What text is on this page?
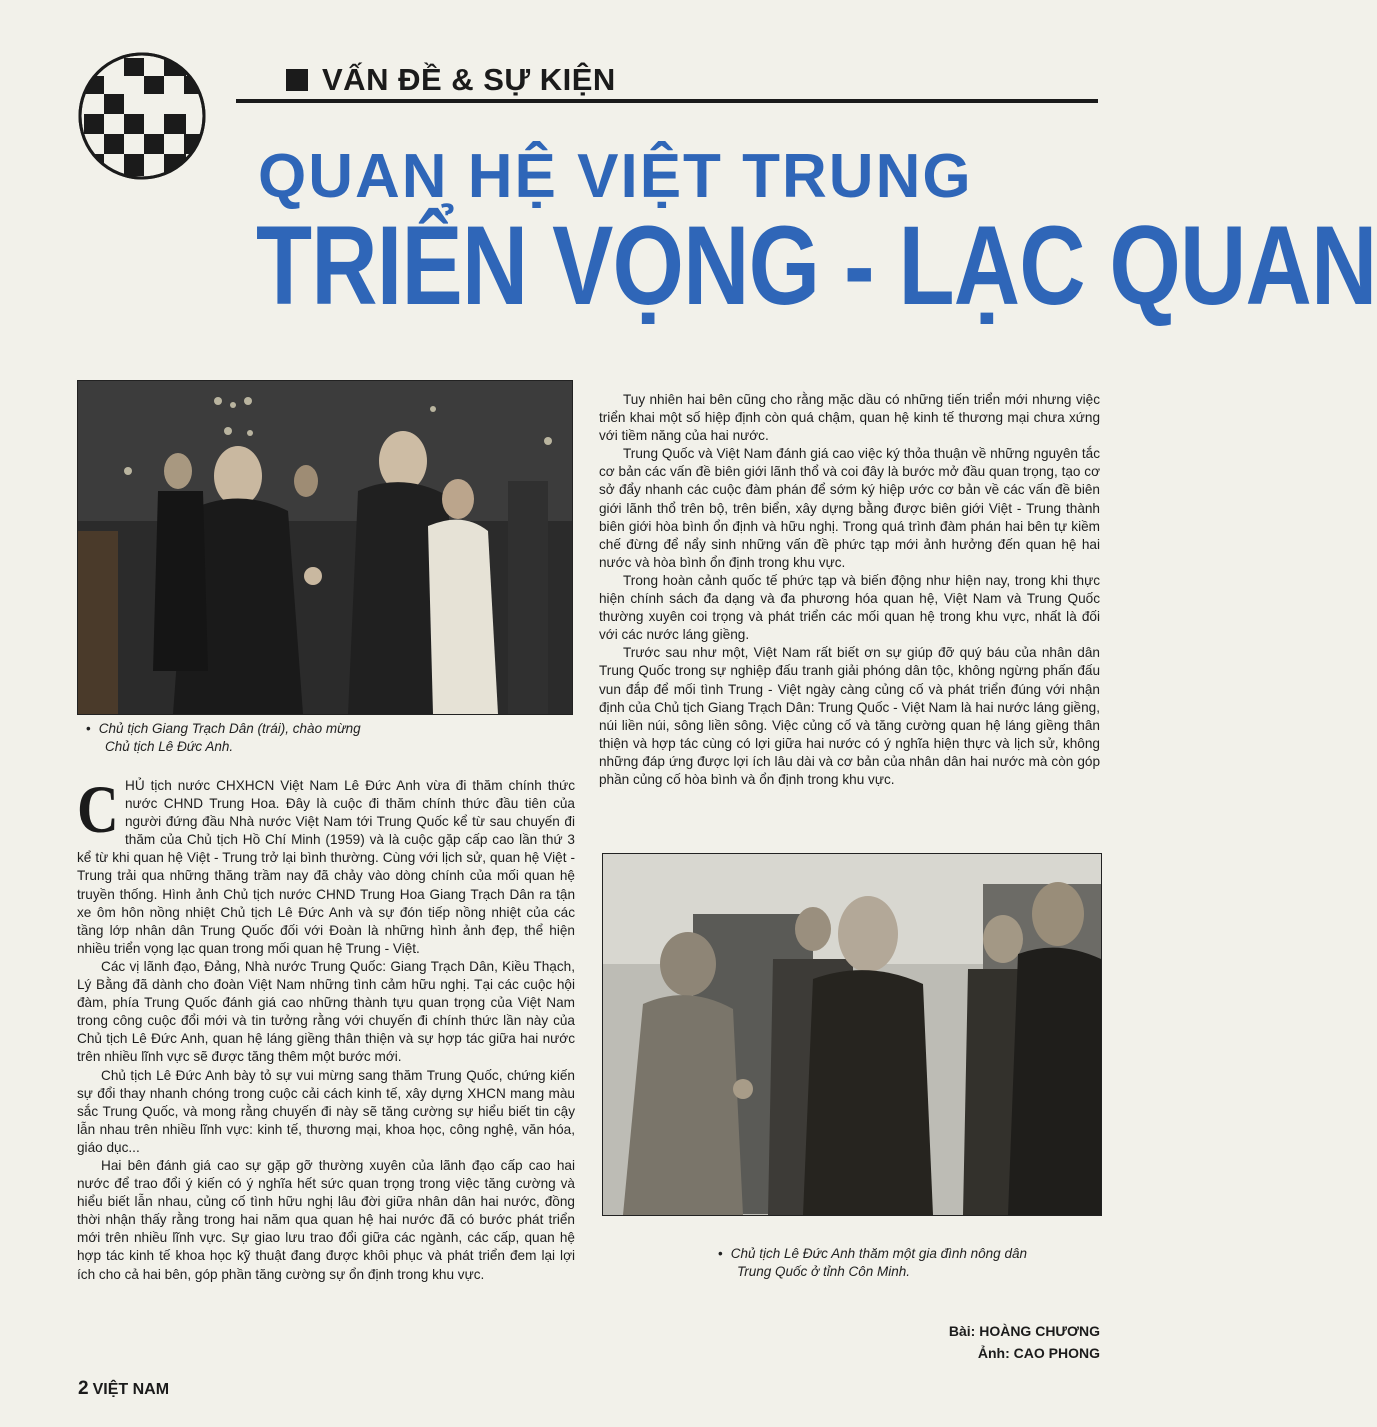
VẤN ĐỀ & SỰ KIỆN
QUAN HỆ VIỆT TRUNG
TRIỂN VỌNG - LẠC QUAN
• Chủ tịch Giang Trạch Dân (trái), chào mừng
Chủ tịch Lê Đức Anh.
C HỦ tịch nước CHXHCN Việt Nam Lê Đức Anh vừa đi thăm chính thức nước CHND Trung Hoa. Đây là cuộc đi thăm chính thức đầu tiên của người đứng đầu Nhà nước Việt Nam tới Trung Quốc kể từ sau chuyến đi thăm của Chủ tịch Hồ Chí Minh (1959) và là cuộc gặp cấp cao lần thứ 3 kể từ khi quan hệ Việt - Trung trở lại bình thường. Cùng với lịch sử, quan hệ Việt - Trung trải qua những thăng trầm nay đã chảy vào dòng chính của mối quan hệ truyền thống. Hình ảnh Chủ tịch nước CHND Trung Hoa Giang Trạch Dân ra tận xe ôm hôn nồng nhiệt Chủ tịch Lê Đức Anh và sự đón tiếp nồng nhiệt của các tầng lớp nhân dân Trung Quốc đối với Đoàn là những hình ảnh đẹp, thể hiện nhiều triển vọng lạc quan trong mối quan hệ Trung - Việt.

Các vị lãnh đạo, Đảng, Nhà nước Trung Quốc: Giang Trạch Dân, Kiều Thạch, Lý Bằng đã dành cho đoàn Việt Nam những tình cảm hữu nghị. Tại các cuộc hội đàm, phía Trung Quốc đánh giá cao những thành tựu quan trọng của Việt Nam trong công cuộc đổi mới và tin tưởng rằng với chuyến đi chính thức lần này của Chủ tịch Lê Đức Anh, quan hệ láng giềng thân thiện và sự hợp tác giữa hai nước trên nhiều lĩnh vực sẽ được tăng thêm một bước mới.

Chủ tịch Lê Đức Anh bày tỏ sự vui mừng sang thăm Trung Quốc, chứng kiến sự đổi thay nhanh chóng trong cuộc cải cách kinh tế, xây dựng XHCN mang màu sắc Trung Quốc, và mong rằng chuyến đi này sẽ tăng cường sự hiểu biết tin cậy lẫn nhau trên nhiều lĩnh vực: kinh tế, thương mại, khoa học, công nghệ, văn hóa, giáo dục...

Hai bên đánh giá cao sự gặp gỡ thường xuyên của lãnh đạo cấp cao hai nước để trao đổi ý kiến có ý nghĩa hết sức quan trọng trong việc tăng cường và hiểu biết lẫn nhau, củng cố tình hữu nghị lâu đời giữa nhân dân hai nước, đồng thời nhận thấy rằng trong hai năm qua quan hệ hai nước đã có bước phát triển mới trên nhiều lĩnh vực. Sự giao lưu trao đổi giữa các ngành, các cấp, quan hệ hợp tác kinh tế khoa học kỹ thuật đang được khôi phục và phát triển đem lại lợi ích cho cả hai bên, góp phần tăng cường sự ổn định trong khu vực.

Tuy nhiên hai bên cũng cho rằng mặc dầu có những tiến triển mới nhưng việc triển khai một số hiệp định còn quá chậm, quan hệ kinh tế thương mại chưa xứng với tiềm năng của hai nước.

Trung Quốc và Việt Nam đánh giá cao việc ký thỏa thuận về những nguyên tắc cơ bản các vấn đề biên giới lãnh thổ và coi đây là bước mở đầu quan trọng, tạo cơ sở đẩy nhanh các cuộc đàm phán để sớm ký hiệp ước cơ bản về các vấn đề biên giới lãnh thổ trên bộ, trên biển, xây dựng bằng được biên giới Việt - Trung thành biên giới hòa bình ổn định và hữu nghị. Trong quá trình đàm phán hai bên tự kiềm chế đừng để nẩy sinh những vấn đề phức tạp mới ảnh hưởng đến quan hệ hai nước và hòa bình ổn định trong khu vực.

Trong hoàn cảnh quốc tế phức tạp và biến động như hiện nay, trong khi thực hiện chính sách đa dạng và đa phương hóa quan hệ, Việt Nam và Trung Quốc thường xuyên coi trọng và phát triển các mối quan hệ trong khu vực, nhất là đối với các nước láng giềng.

Trước sau như một, Việt Nam rất biết ơn sự giúp đỡ quý báu của nhân dân Trung Quốc trong sự nghiệp đấu tranh giải phóng dân tộc, không ngừng phấn đấu vun đắp để mối tình Trung - Việt ngày càng củng cố và phát triển đúng với nhận định của Chủ tịch Giang Trạch Dân: Trung Quốc - Việt Nam là hai nước láng giềng, núi liền núi, sông liền sông. Việc củng cố và tăng cường quan hệ láng giềng thân thiện và hợp tác cùng có lợi giữa hai nước có ý nghĩa hiện thực và lịch sử, không những đáp ứng được lợi ích lâu dài và cơ bản của nhân dân hai nước mà còn góp phần củng cố hòa bình và ổn định trong khu vực.

• Chủ tịch Lê Đức Anh thăm một gia đình nông dân
Trung Quốc ở tỉnh Côn Minh.
Bài: HOÀNG CHƯƠNG
Ảnh: CAO PHONG
2 VIỆT NAM
